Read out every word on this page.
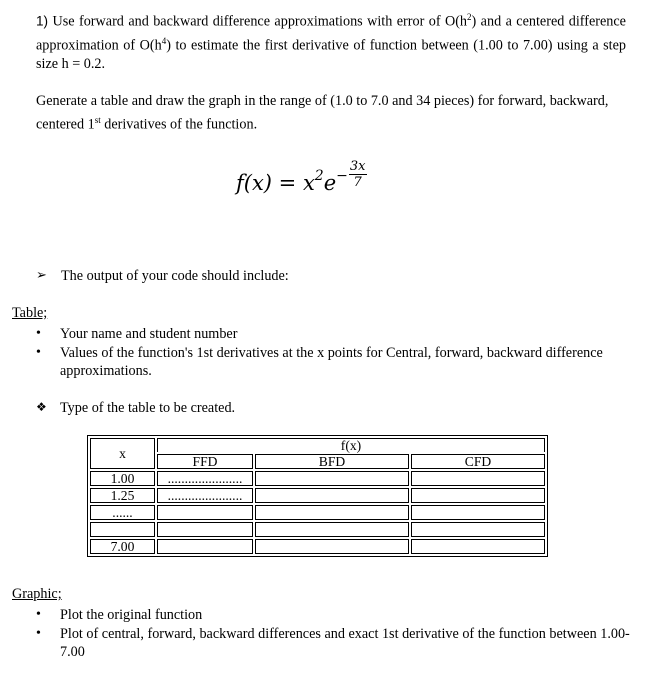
1) Use forward and backward difference approximations with error of $O(h^2)$ and a centered difference approximation of $O(h^4)$ to estimate the first derivative of function between (1.00 to 7.00) using a step size h = 0.2.
Generate a table and draw the graph in the range of (1.0 to 7.0 and 34 pieces) for forward, backward, centered 1st derivatives of the function.
$f(x) = x^2e^- \frac{3x}{7}$
➢ The output of your code should include:
Table;
• Your name and student number
• Values of the function's 1st derivatives at the x points for Central, forward, backward difference approximations.
❖ Type of the table to be created.
x	f(x)		
	FFD	BFD	CFD
1.00	......................		
1.25	......................		
......			

7.00			
Graphic;
• Plot the original function
• Plot of central, forward, backward differences and exact 1st derivative of the function between 1.00-7.00
